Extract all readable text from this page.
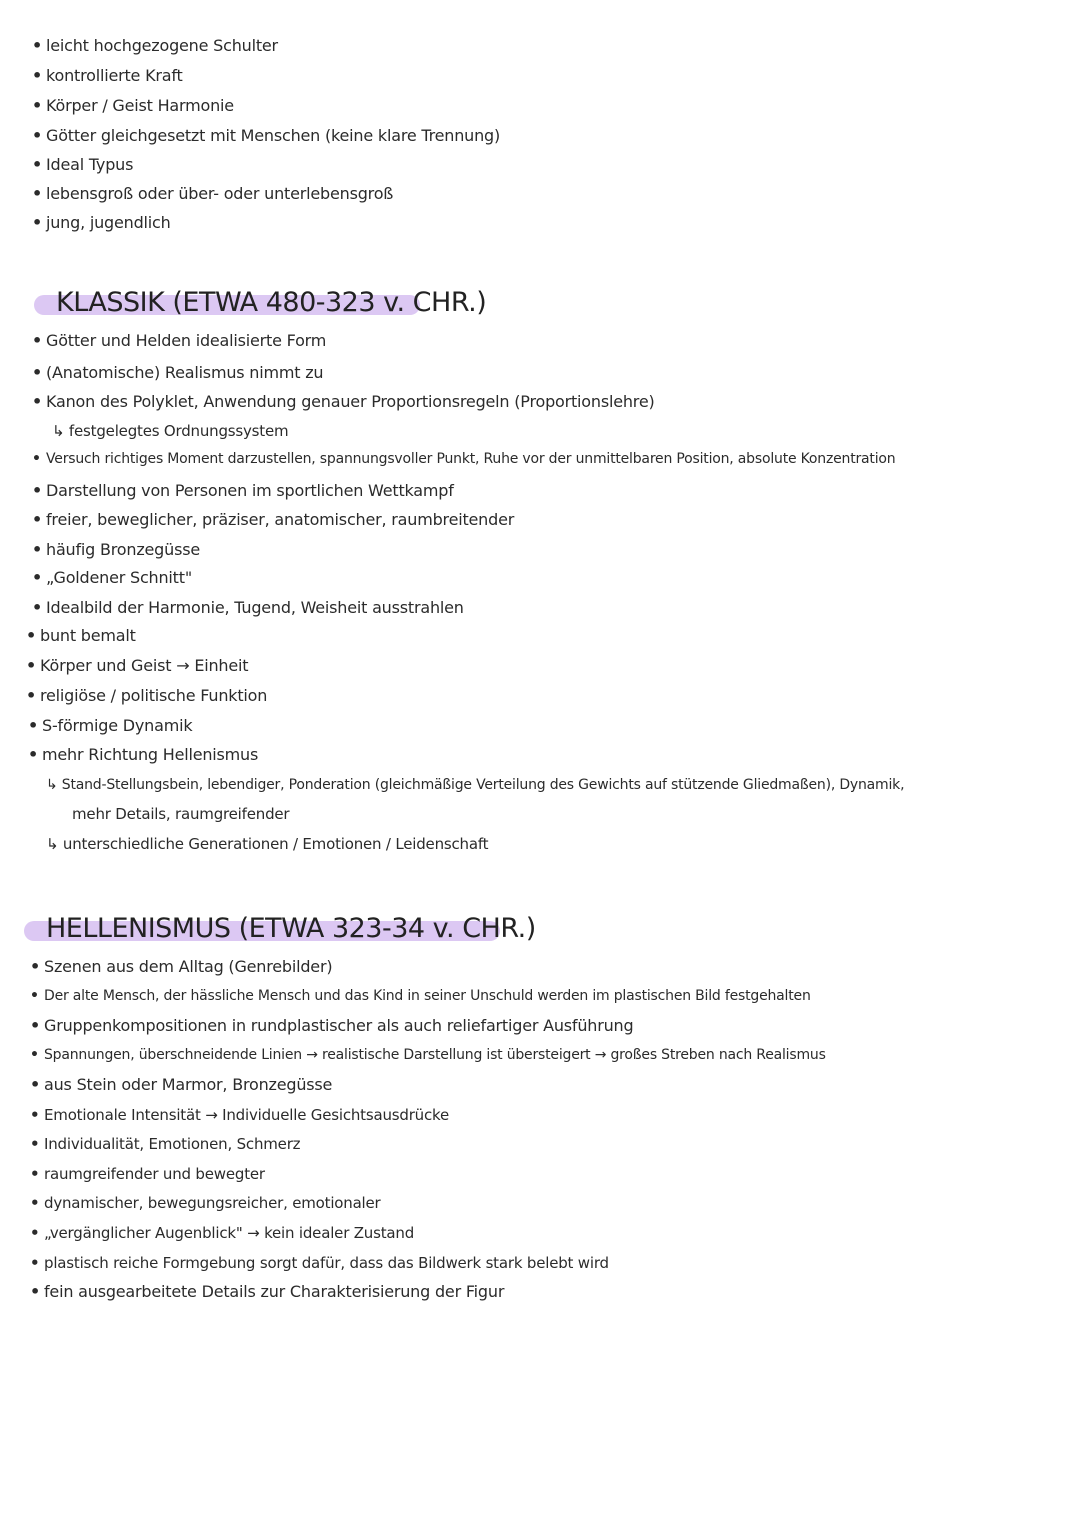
• leicht hochgezogene Schulter
• kontrollierte Kraft
• Körper / Geist Harmonie
• Götter gleichgesetzt mit Menschen (keine klare Trennung)
• Ideal Typus
• lebensgroß oder über- oder unterlebensgroß
• jung, jugendlich
KLASSIK (ETWA 480-323 v. CHR.)
• Götter und Helden idealisierte Form
• (Anatomische) Realismus nimmt zu
• Kanon des Polyklet, Anwendung genauer Proportionsregeln (Proportionslehre)
↳ festgelegtes Ordnungssystem
• Versuch richtiges Moment darzustellen, spannungsvoller Punkt, Ruhe vor der unmittelbaren Position, absolute Konzentration
• Darstellung von Personen im sportlichen Wettkampf
• freier, beweglicher, präziser, anatomischer, raumbreitender
• häufig Bronzegüsse
• „Goldener Schnitt"
• Idealbild der Harmonie, Tugend, Weisheit ausstrahlen
• bunt bemalt
• Körper und Geist → Einheit
• religiöse / politische Funktion
• S-förmige Dynamik
• mehr Richtung Hellenismus
↳ Stand-Stellungsbein, lebendiger, Ponderation (gleichmäßige Verteilung des Gewichts auf stützende Gliedmaßen), Dynamik,
mehr Details, raumgreifender
↳ unterschiedliche Generationen / Emotionen / Leidenschaft
HELLENISMUS (ETWA 323-34 v. CHR.)
• Szenen aus dem Alltag (Genrebilder)
• Der alte Mensch, der hässliche Mensch und das Kind in seiner Unschuld werden im plastischen Bild festgehalten
• Gruppenkompositionen in rundplastischer als auch reliefartiger Ausführung
• Spannungen, überschneidende Linien → realistische Darstellung ist übersteigert → großes Streben nach Realismus
• aus Stein oder Marmor, Bronzegüsse
• Emotionale Intensität → Individuelle Gesichtsausdrücke
• Individualität, Emotionen, Schmerz
• raumgreifender und bewegter
• dynamischer, bewegungsreicher, emotionaler
• „vergänglicher Augenblick" → kein idealer Zustand
• plastisch reiche Formgebung sorgt dafür, dass das Bildwerk stark belebt wird
• fein ausgearbeitete Details zur Charakterisierung der Figur
